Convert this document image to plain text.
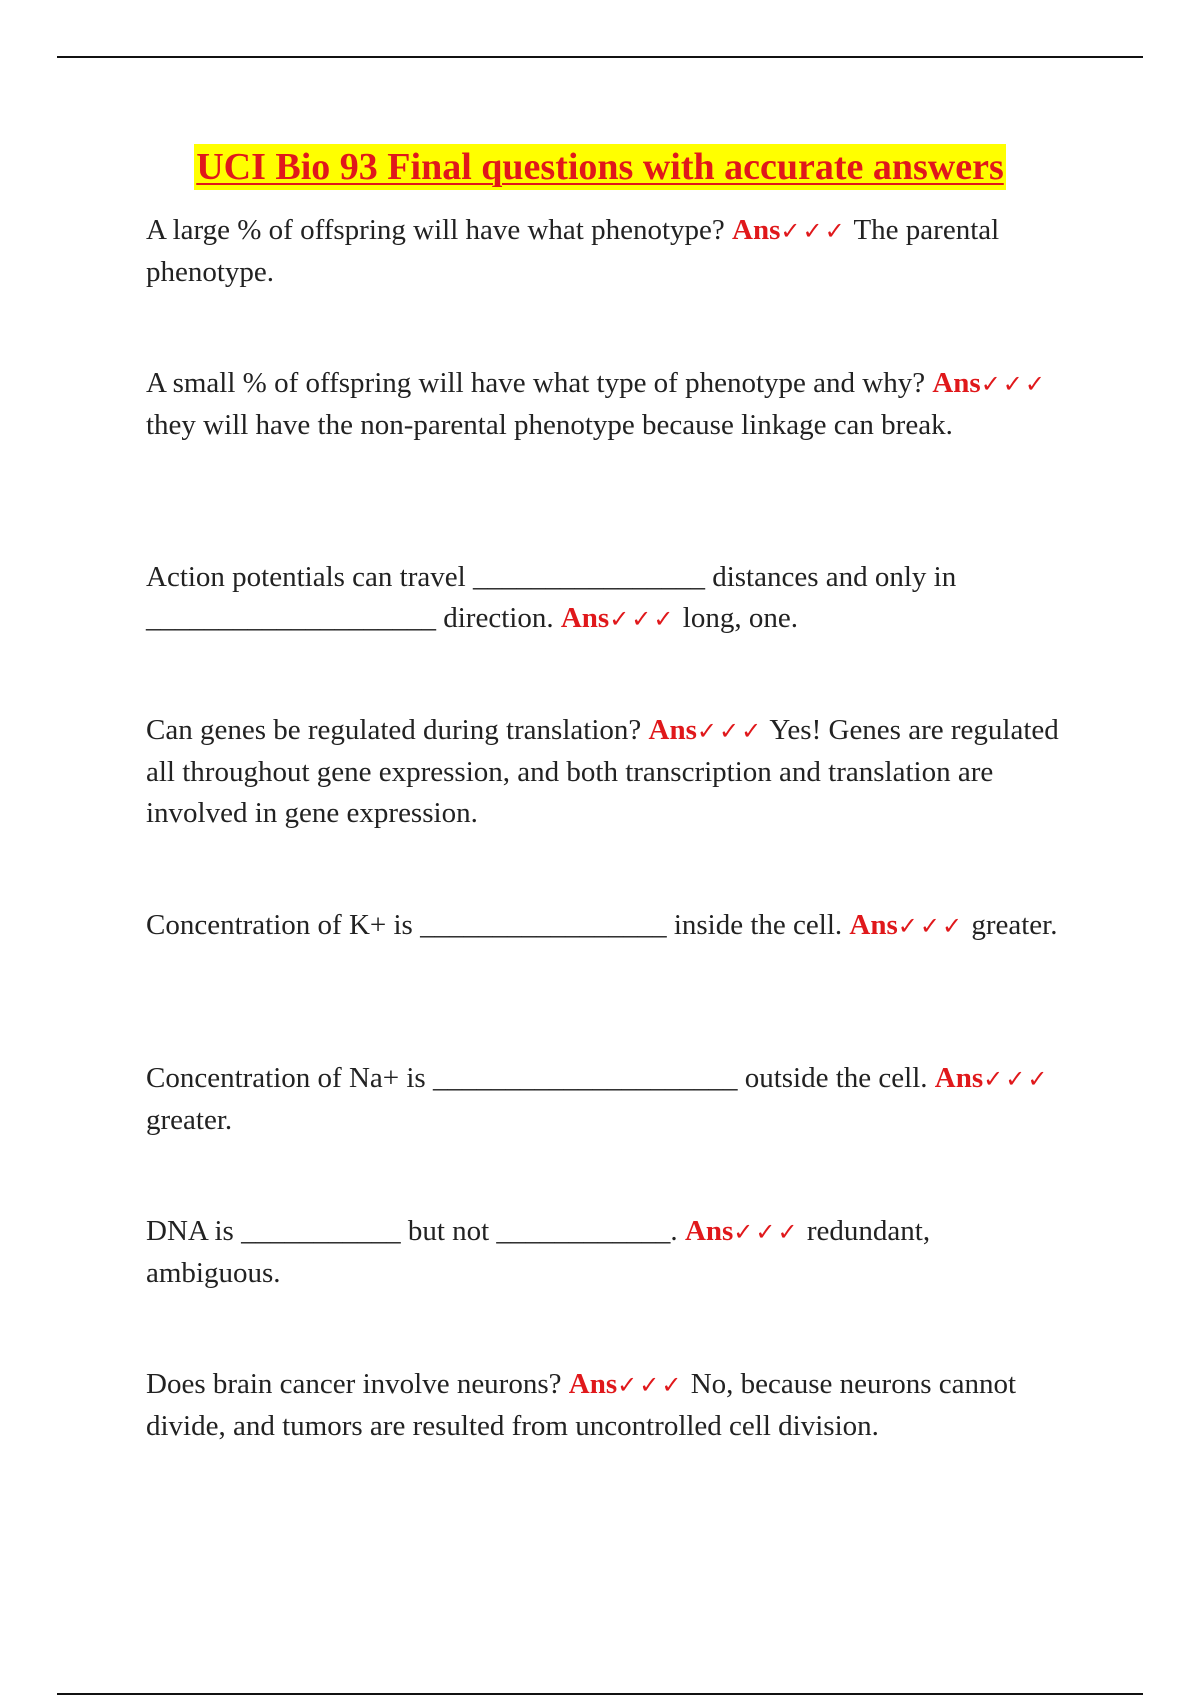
UCI Bio 93 Final questions with accurate answers

A large % of offspring will have what phenotype? Ans✓✓✓ The parental phenotype.

A small % of offspring will have what type of phenotype and why? Ans✓✓✓ they will have the non-parental phenotype because linkage can break.

Action potentials can travel ________________ distances and only in ____________________ direction. Ans✓✓✓ long, one.

Can genes be regulated during translation? Ans✓✓✓ Yes! Genes are regulated all throughout gene expression, and both transcription and translation are involved in gene expression.

Concentration of K+ is _________________ inside the cell. Ans✓✓✓ greater.

Concentration of Na+ is _____________________ outside the cell. Ans✓✓✓ greater.

DNA is ___________ but not ____________. Ans✓✓✓ redundant, ambiguous.

Does brain cancer involve neurons? Ans✓✓✓ No, because neurons cannot divide, and tumors are resulted from uncontrolled cell division.
